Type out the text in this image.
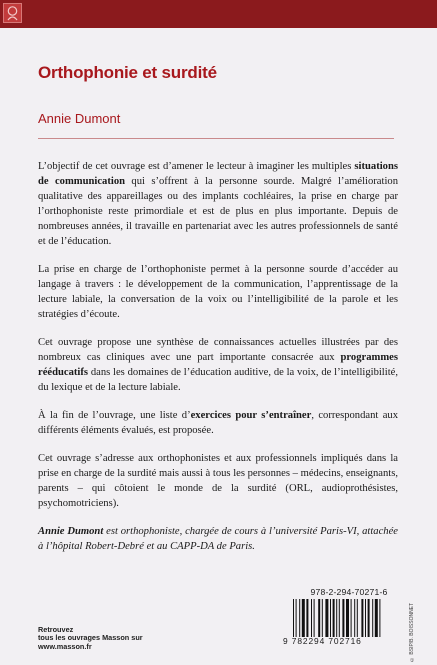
Orthophonie et surdité
Annie Dumont

L’objectif de cet ouvrage est d’amener le lecteur à imaginer les multiples situations de communication qui s’offrent à la personne sourde. Malgré l’amélioration qualitative des appareillages ou des implants cochléaires, la prise en charge par l’orthophoniste reste primordiale et est de plus en plus importante. Depuis de nombreuses années, il travaille en partenariat avec les autres professionnels de santé et de l’éducation.

La prise en charge de l’orthophoniste permet à la personne sourde d’accéder au langage à travers : le développement de la communication, l’apprentissage de la lecture labiale, la conversation de la voix ou l’intelligibilité de la parole et les stratégies d’écoute.

Cet ouvrage propose une synthèse de connaissances actuelles illustrées par des nombreux cas cliniques avec une part importante consacrée aux programmes rééducatifs dans les domaines de l’éducation auditive, de la voix, de l’intelligibilité, du lexique et de la lecture labiale.

À la fin de l’ouvrage, une liste d’exercices pour s’entraîner, correspondant aux différents éléments évalués, est proposée.

Cet ouvrage s’adresse aux orthophonistes et aux professionnels impliqués dans la prise en charge de la surdité mais aussi à tous les personnes – médecins, enseignants, parents – qui côtoient le monde de la surdité (ORL, audioprothésistes, psychomotriciens).

Annie Dumont est orthophoniste, chargée de cours à l’université Paris-VI, attachée à l’hôpital Robert-Debré et au CAPP-DA de Paris.

978-2-294-70271-6
9 782294 702716	© BSIP/B. BOISSONNET
Retrouvez
tous les ouvrages Masson sur
www.masson.fr
